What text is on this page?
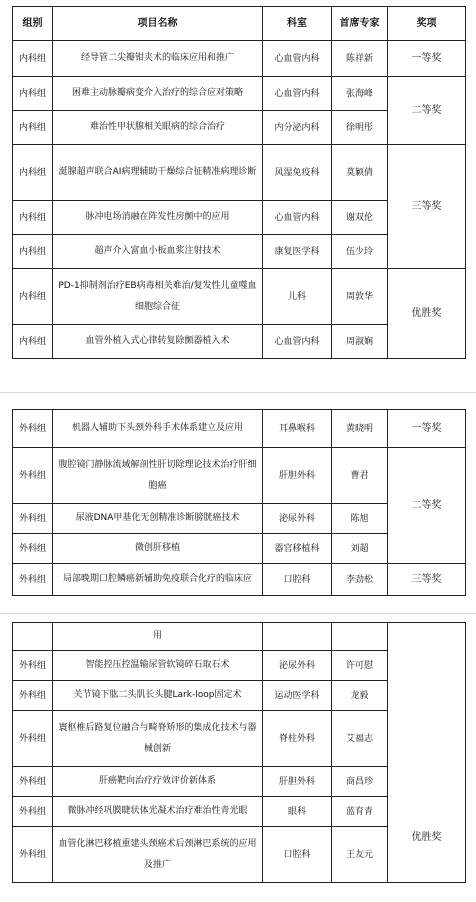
组别	项目名称	科室	首席专家	奖项
内科组	经导管二尖瓣钳夹术的临床应用和推广	心血管内科	陈祥新	一等奖
内科组	困难主动脉瓣病变介入治疗的综合应对策略	心血管内科	张海峰	二等奖
内科组	难治性甲状腺相关眼病的综合治疗	内分泌内科	徐明彤	
内科组	涎腺超声联合AI病理辅助干燥综合征精准病理诊断	风湿免疫科	莫颖倩	三等奖
内科组	脉冲电场消融在阵发性房颤中的应用	心血管内科	谢双伦	
内科组	超声介入富血小板血浆注射技术	康复医学科	伍少玲	
内科组	PD-1抑制剂治疗EB病毒相关难治/复发性儿童噬血细胞综合征	儿科	周敦华	优胜奖
内科组	血管外植入式心律转复除颤器植入术	心血管内科	周淑娴	
外科组	机器人辅助下头颈外科手术体系建立及应用	耳鼻喉科	黄晓明	一等奖
外科组	腹腔镜门静脉流域解剖性肝切除理论技术治疗肝细胞癌	肝胆外科	曹君	二等奖
外科组	尿液DNA甲基化无创精准诊断膀胱癌技术	泌尿外科	陈旭	
外科组	微创肝移植	器官移植科	刘超	
外科组	局部晚期口腔鳞癌新辅助免疫联合化疗的临床应	口腔科	李劲松	三等奖
	用			优胜奖
外科组	智能控压控温输尿管软镜碎石取石术	泌尿外科	许可慰	
外科组	关节镜下肱二头肌长头腱Lark-loop固定术	运动医学科	龙毅	
外科组	寰枢椎后路复位融合与畸脊矫形的集成化技术与器械创新	脊柱外科	艾福志	
外科组	肝癌靶向治疗疗效评价新体系	肝胆外科	商昌珍	
外科组	微脉冲经巩膜睫状体光凝术治疗难治性青光眼	眼科	蓝育青	
外科组	血管化淋巴移植重建头颈癌术后颈淋巴系统的应用及推广	口腔科	王友元	
